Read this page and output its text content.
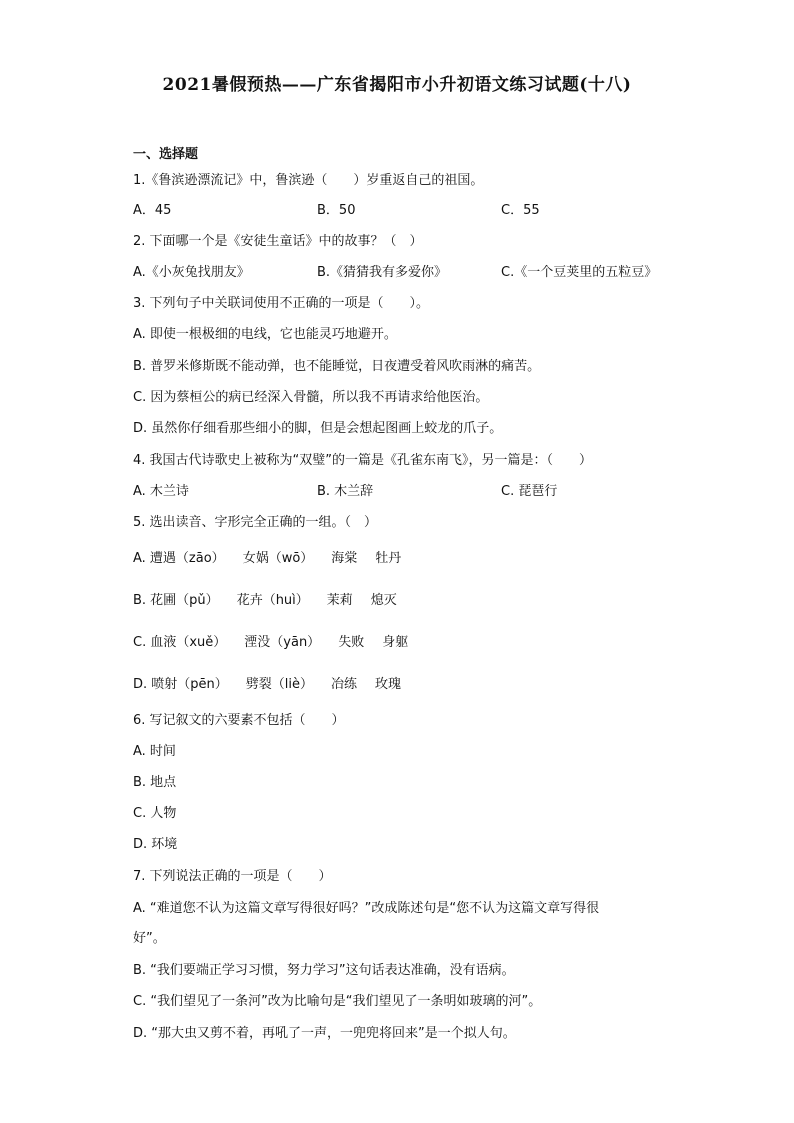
2021暑假预热——广东省揭阳市小升初语文练习试题(十八)
一、选择题
1.《鲁滨逊漂流记》中，鲁滨逊（　　）岁重返自己的祖国。
A．45	B．50	C．55
2. 下面哪一个是《安徒生童话》中的故事？（　）
A.《小灰兔找朋友》	B.《猜猜我有多爱你》	C.《一个豆荚里的五粒豆》
3. 下列句子中关联词使用不正确的一项是（　　）。
A. 即使一根极细的电线，它也能灵巧地避开。
B. 普罗米修斯既不能动弹，也不能睡觉，日夜遭受着风吹雨淋的痛苦。
C. 因为蔡桓公的病已经深入骨髓，所以我不再请求给他医治。
D. 虽然你仔细看那些细小的脚，但是会想起图画上蛟龙的爪子。
4. 我国古代诗歌史上被称为“双璧”的一篇是《孔雀东南飞》，另一篇是：（　　）
A. 木兰诗	B. 木兰辞	C. 琵琶行
5. 选出读音、字形完全正确的一组。（　）
A. 遭遇（zāo） 女娲（wō） 海棠 牡丹
B. 花圃（pǔ） 花卉（huì） 茉莉 熄灭
C. 血液（xuě） 湮没（yān） 失败 身躯
D. 喷射（pēn） 劈裂（liè） 冶练 玫瑰
6. 写记叙文的六要素不包括（　　）
A. 时间
B. 地点
C. 人物
D. 环境
7. 下列说法正确的一项是（　　）
A. “难道您不认为这篇文章写得很好吗？”改成陈述句是“您不认为这篇文章写得很
好”。
B. “我们要端正学习习惯，努力学习”这句话表达准确，没有语病。
C. “我们望见了一条河”改为比喻句是“我们望见了一条明如玻璃的河”。
D. “那大虫又剪不着，再吼了一声，一兜兜将回来”是一个拟人句。
